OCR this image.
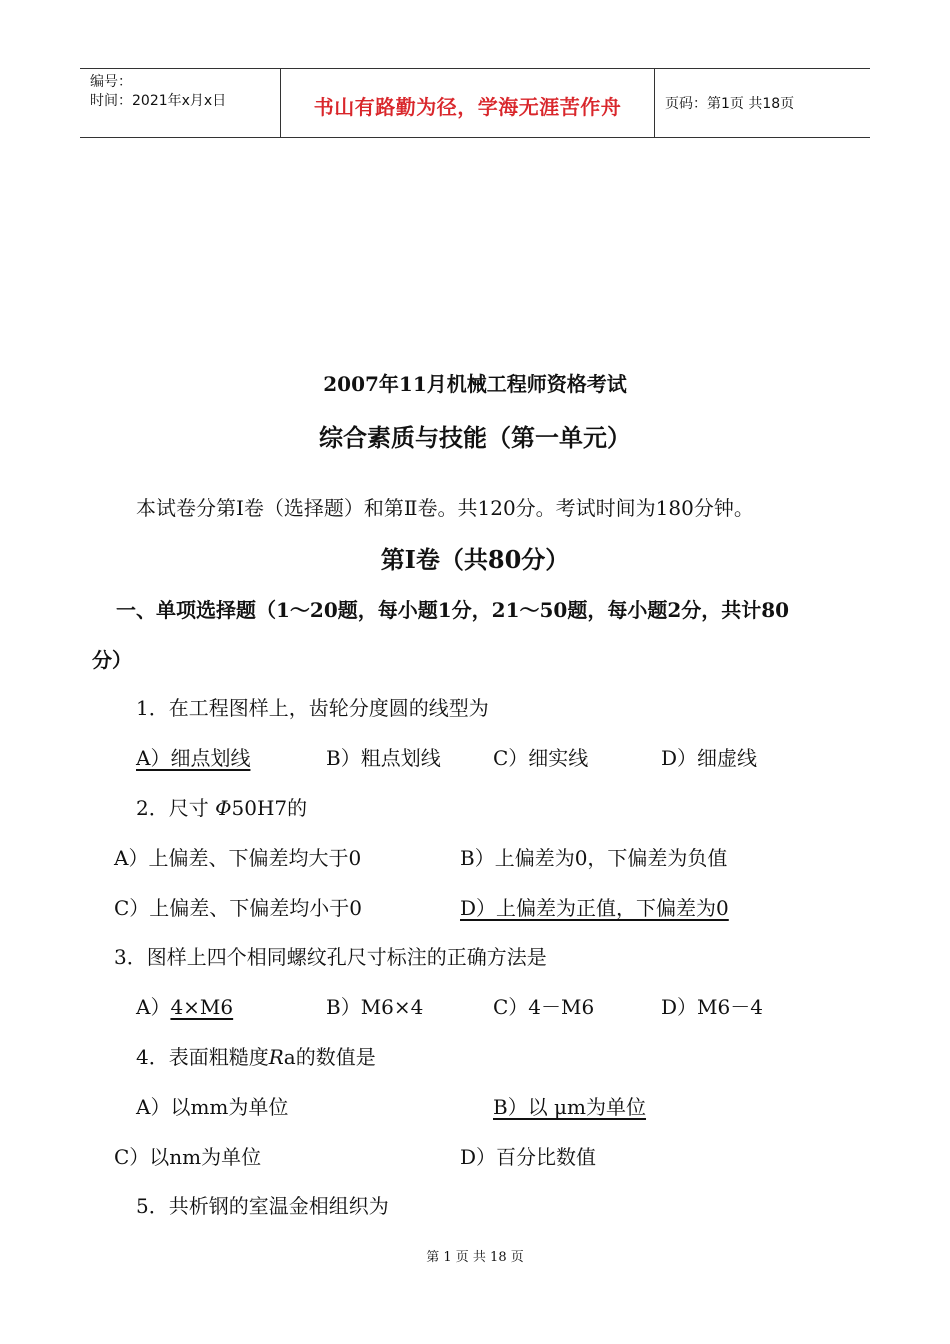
编号：
时间：2021年x月x日	书山有路勤为径，学海无涯苦作舟	页码：第1页 共18页
2007年11月机械工程师资格考试
综合素质与技能（第一单元）
本试卷分第Ⅰ卷（选择题）和第Ⅱ卷。共120分。考试时间为180分钟。
第Ⅰ卷（共80分）
一、单项选择题（1～20题，每小题1分，21～50题，每小题2分，共计80
分）
1．在工程图样上，齿轮分度圆的线型为
A）细点划线	B）粗点划线	C）细实线	D）细虚线
2．尺寸 Φ50H7的
A）上偏差、下偏差均大于0	B）上偏差为0，下偏差为负值
C）上偏差、下偏差均小于0	D）上偏差为正值，下偏差为0
3．图样上四个相同螺纹孔尺寸标注的正确方法是
A）4×M6	B）M6×4	C）4－M6	D）M6－4
4．表面粗糙度Ra的数值是
A）以mm为单位	B）以 μm为单位
C）以nm为单位	D）百分比数值
5．共析钢的室温金相组织为
第 1 页 共 18 页
